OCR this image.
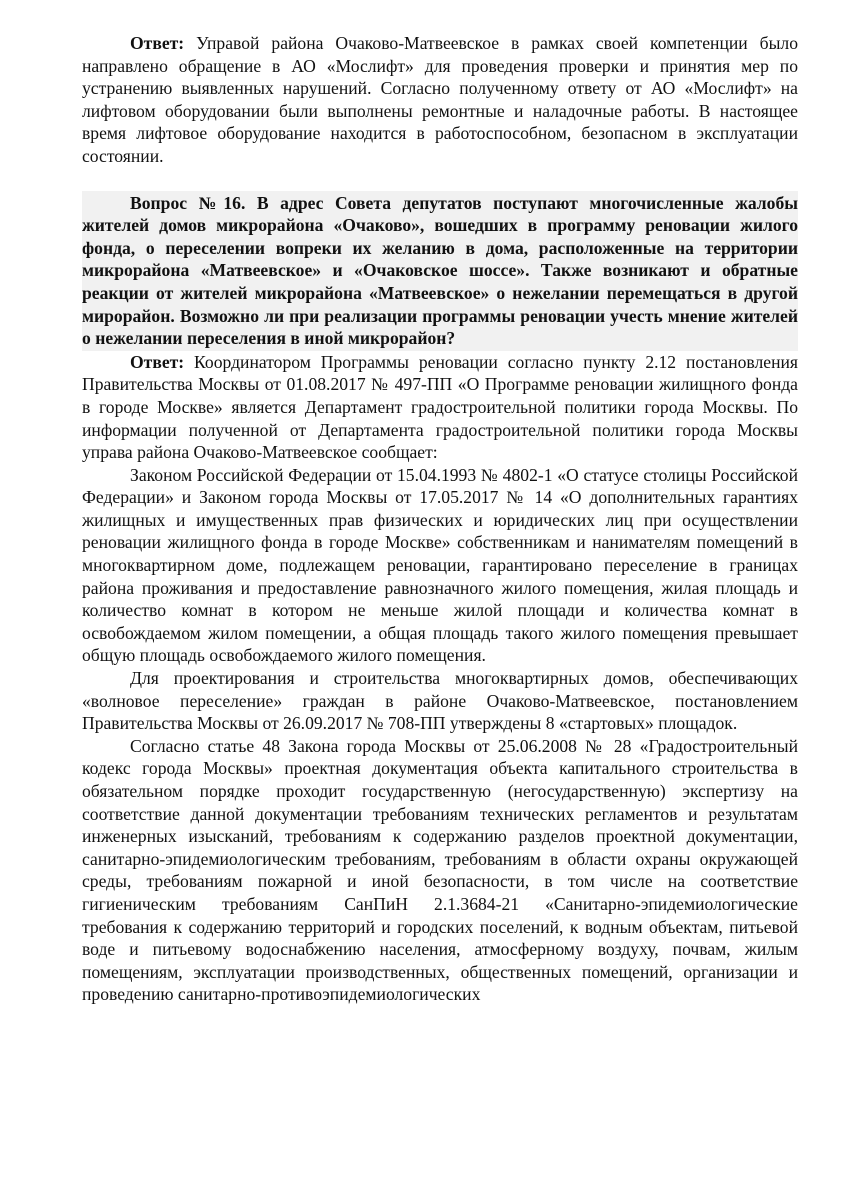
Ответ: Управой района Очаково-Матвеевское в рамках своей компетенции было направлено обращение в АО «Мослифт» для проведения проверки и принятия мер по устранению выявленных нарушений. Согласно полученному ответу от АО «Мослифт» на лифтовом оборудовании были выполнены ремонтные и наладочные работы. В настоящее время лифтовое оборудование находится в работоспособном, безопасном в эксплуатации состоянии.

Вопрос №16. В адрес Совета депутатов поступают многочисленные жалобы жителей домов микрорайона «Очаково», вошедших в программу реновации жилого фонда, о переселении вопреки их желанию в дома, расположенные на территории микрорайона «Матвеевское» и «Очаковское шоссе». Также возникают и обратные реакции от жителей микрорайона «Матвеевское» о нежелании перемещаться в другой мирорайон. Возможно ли при реализации программы реновации учесть мнение жителей о нежелании переселения в иной микрорайон?

Ответ: Координатором Программы реновации согласно пункту 2.12 постановления Правительства Москвы от 01.08.2017 № 497-ПП «О Программе реновации жилищного фонда в городе Москве» является Департамент градостроительной политики города Москвы. По информации полученной от Департамента градостроительной политики города Москвы управа района Очаково-Матвеевское сообщает:

Законом Российской Федерации от 15.04.1993 № 4802-1 «О статусе столицы Российской Федерации» и Законом города Москвы от 17.05.2017 № 14 «О дополнительных гарантиях жилищных и имущественных прав физических и юридических лиц при осуществлении реновации жилищного фонда в городе Москве» собственникам и нанимателям помещений в многоквартирном доме, подлежащем реновации, гарантировано переселение в границах района проживания и предоставление равнозначного жилого помещения, жилая площадь и количество комнат в котором не меньше жилой площади и количества комнат в освобождаемом жилом помещении, а общая площадь такого жилого помещения превышает общую площадь освобождаемого жилого помещения.

Для проектирования и строительства многоквартирных домов, обеспечивающих «волновое переселение» граждан в районе Очаково-Матвеевское, постановлением Правительства Москвы от 26.09.2017 № 708-ПП утверждены 8 «стартовых» площадок.

Согласно статье 48 Закона города Москвы от 25.06.2008 № 28 «Градостроительный кодекс города Москвы» проектная документация объекта капитального строительства в обязательном порядке проходит государственную (негосударственную) экспертизу на соответствие данной документации требованиям технических регламентов и результатам инженерных изысканий, требованиям к содержанию разделов проектной документации, санитарно-эпидемиологическим требованиям, требованиям в области охраны окружающей среды, требованиям пожарной и иной безопасности, в том числе на соответствие гигиеническим требованиям СанПиН 2.1.3684-21 «Санитарно-эпидемиологические требования к содержанию территорий и городских поселений, к водным объектам, питьевой воде и питьевому водоснабжению населения, атмосферному воздуху, почвам, жилым помещениям, эксплуатации производственных, общественных помещений, организации и проведению санитарно-противоэпидемиологических
